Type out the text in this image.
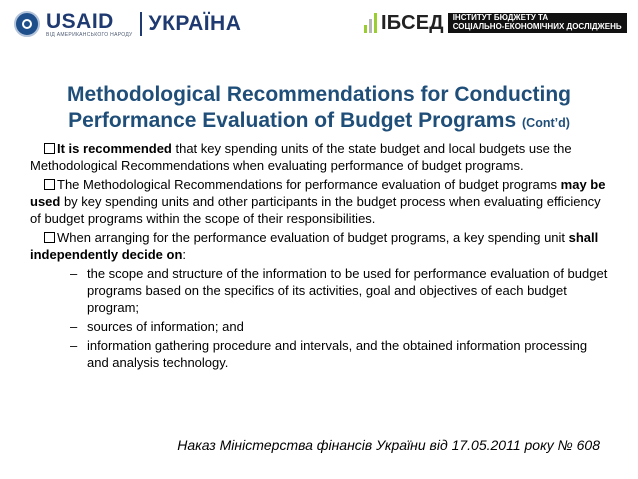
USAID
ВІД АМЕРИКАНСЬКОГО НАРОДУ УКРАЇНА	ІБСЕД ІНСТИТУТ БЮДЖЕТУ ТА
СОЦІАЛЬНО-ЕКОНОМІЧНИХ ДОСЛІДЖЕНЬ
Methodological Recommendations for Conducting
Performance Evaluation of Budget Programs (Cont’d)

It is recommended that key spending units of the state budget and local budgets use the Methodological Recommendations when evaluating performance of budget programs.

The Methodological Recommendations for performance evaluation of budget programs may be used by key spending units and other participants in the budget process when evaluating efficiency of budget programs within the scope of their responsibilities.

When arranging for the performance evaluation of budget programs, a key spending unit shall independently decide on:

– the scope and structure of the information to be used for performance evaluation of budget programs based on the specifics of its activities, goal and objectives of each budget program;
– sources of information; and
– information gathering procedure and intervals, and the obtained information processing and analysis technology.
Наказ Міністерства фінансів України від 17.05.2011 року № 608
